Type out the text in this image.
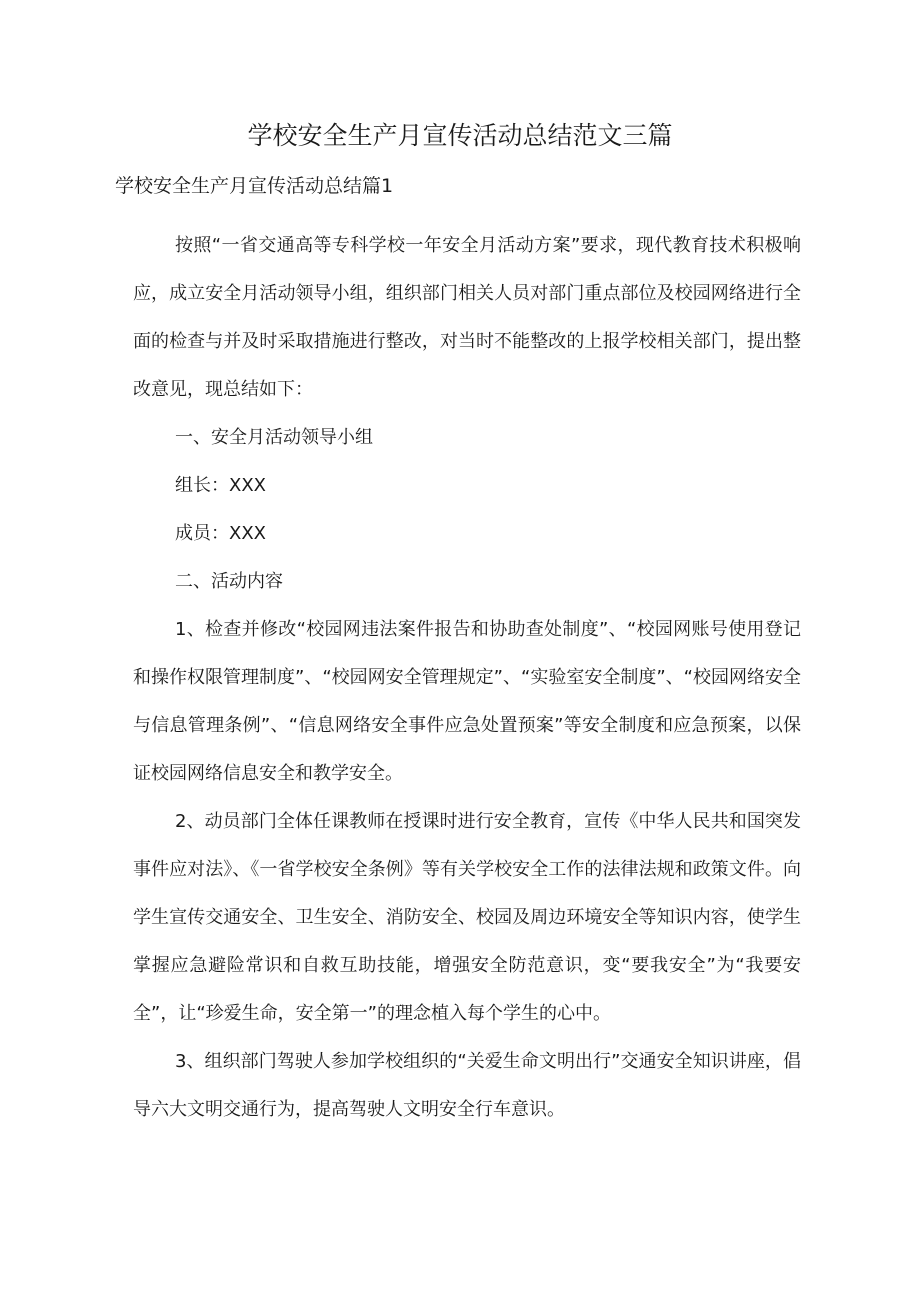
学校安全生产月宣传活动总结范文三篇
学校安全生产月宣传活动总结篇1

按照“一省交通高等专科学校一年安全月活动方案”要求，现代教育技术积极响应，成立安全月活动领导小组，组织部门相关人员对部门重点部位及校园网络进行全面的检查与并及时采取措施进行整改，对当时不能整改的上报学校相关部门，提出整改意见，现总结如下：

一、安全月活动领导小组

组长：XXX

成员：XXX

二、活动内容

1、检查并修改“校园网违法案件报告和协助查处制度”、“校园网账号使用登记和操作权限管理制度”、“校园网安全管理规定”、“实验室安全制度”、“校园网络安全与信息管理条例”、“信息网络安全事件应急处置预案”等安全制度和应急预案，以保证校园网络信息安全和教学安全。

2、动员部门全体任课教师在授课时进行安全教育，宣传《中华人民共和国突发事件应对法》、《一省学校安全条例》等有关学校安全工作的法律法规和政策文件。向学生宣传交通安全、卫生安全、消防安全、校园及周边环境安全等知识内容，使学生掌握应急避险常识和自救互助技能，增强安全防范意识，变“要我安全”为“我要安全”，让“珍爱生命，安全第一”的理念植入每个学生的心中。

3、组织部门驾驶人参加学校组织的“关爱生命文明出行”交通安全知识讲座，倡导六大文明交通行为，提高驾驶人文明安全行车意识。
